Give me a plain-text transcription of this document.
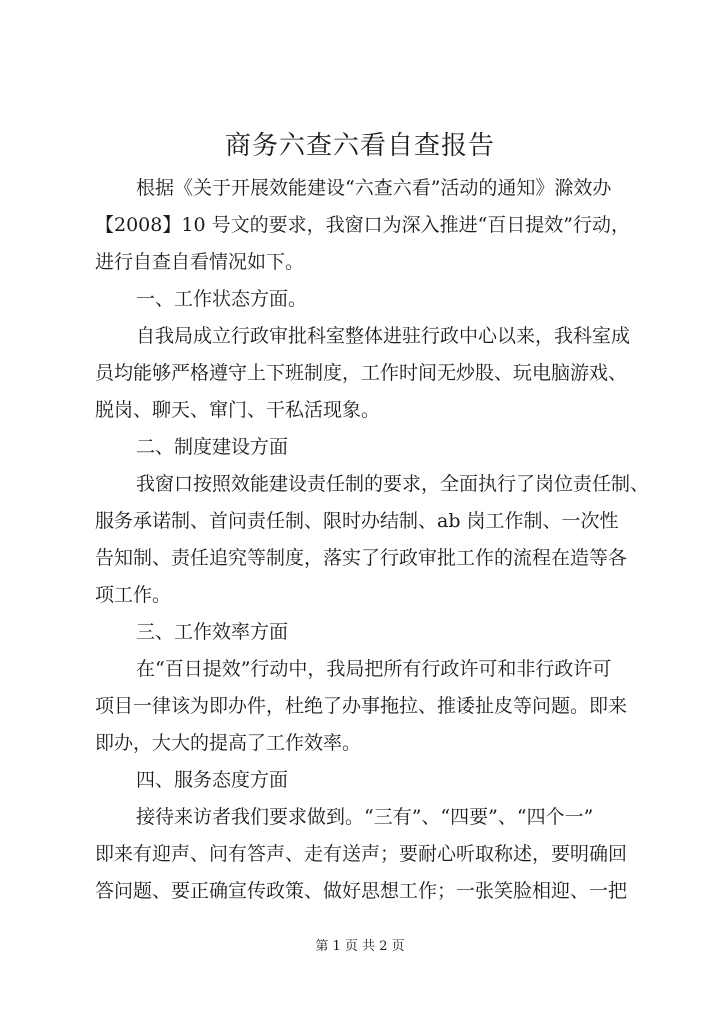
商务六查六看自查报告
根据《关于开展效能建设“六查六看”活动的通知》滁效办
【2008】10 号文的要求，我窗口为深入推进“百日提效”行动，
进行自查自看情况如下。
一、工作状态方面。
自我局成立行政审批科室整体进驻行政中心以来，我科室成
员均能够严格遵守上下班制度，工作时间无炒股、玩电脑游戏、
脱岗、聊天、窜门、干私活现象。
二、制度建设方面
我窗口按照效能建设责任制的要求，全面执行了岗位责任制、
服务承诺制、首问责任制、限时办结制、ab 岗工作制、一次性
告知制、责任追究等制度，落实了行政审批工作的流程在造等各
项工作。
三、工作效率方面
在“百日提效”行动中，我局把所有行政许可和非行政许可
项目一律该为即办件，杜绝了办事拖拉、推诿扯皮等问题。即来
即办，大大的提高了工作效率。
四、服务态度方面
接待来访者我们要求做到。“三有”、“四要”、“四个一”
即来有迎声、问有答声、走有送声；要耐心听取称述，要明确回
答问题、要正确宣传政策、做好思想工作；一张笑脸相迎、一把
第 1 页 共 2 页
